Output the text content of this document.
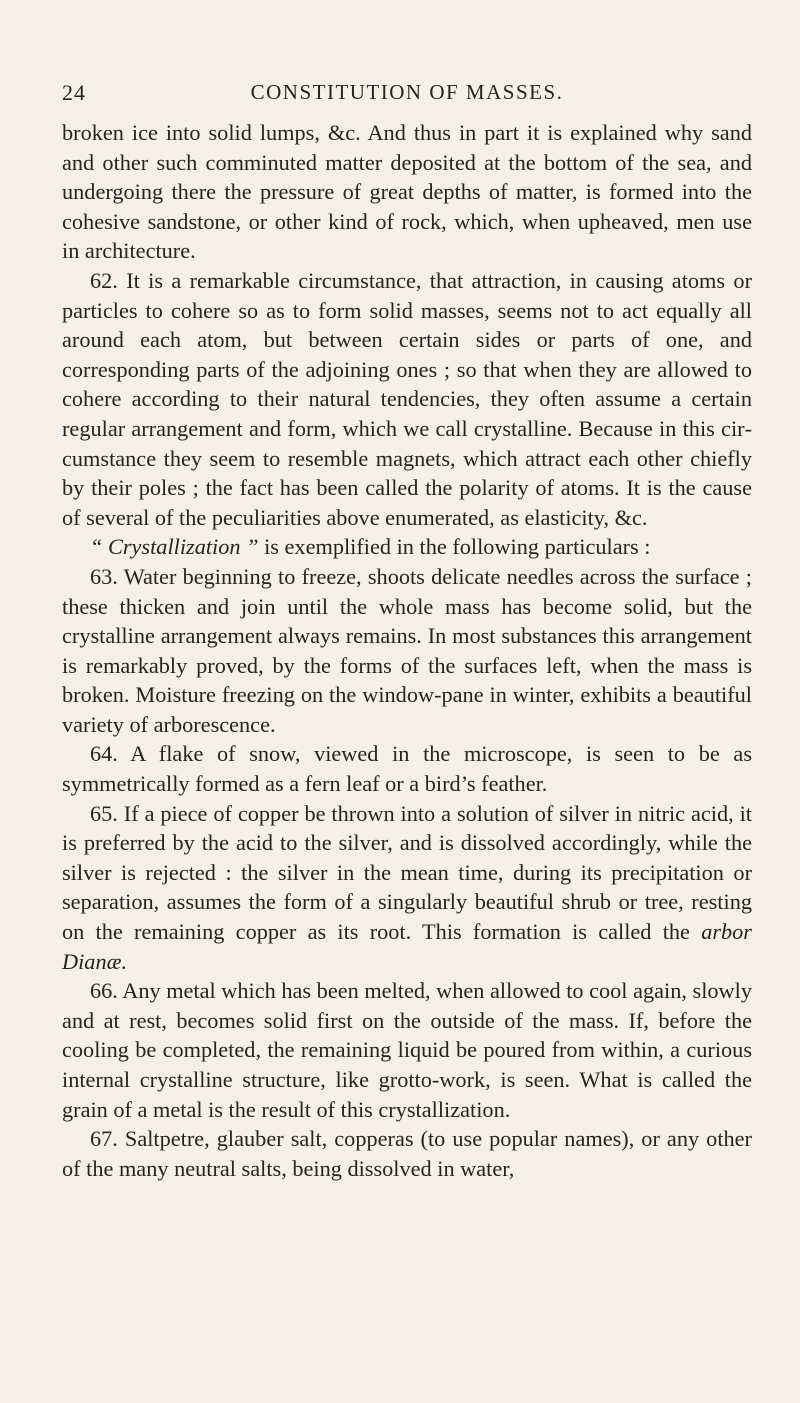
24	CONSTITUTION OF MASSES.

broken ice into solid lumps, &c. And thus in part it is explained why sand and other such comminuted matter deposited at the bottom of the sea, and undergoing there the pressure of great depths of matter, is formed into the cohesive sandstone, or other kind of rock, which, when upheaved, men use in architecture.

62. It is a remarkable circumstance, that attraction, in causing atoms or particles to cohere so as to form solid masses, seems not to act equally all around each atom, but between certain sides or parts of one, and corresponding parts of the adjoining ones ; so that when they are allowed to cohere according to their natural tendencies, they often assume a certain regular arrangement and form, which we call crystalline. Because in this circumstance they seem to resemble magnets, which attract each other chiefly by their poles ; the fact has been called the polarity of atoms. It is the cause of several of the peculiarities above enumerated, as elasticity, &c.

“ Crystallization ” is exemplified in the following particulars :

63. Water beginning to freeze, shoots delicate needles across the surface ; these thicken and join until the whole mass has become solid, but the crystalline arrangement always remains. In most substances this arrangement is remarkably proved, by the forms of the surfaces left, when the mass is broken. Moisture freezing on the window-pane in winter, exhibits a beautiful variety of arborescence.

64. A flake of snow, viewed in the microscope, is seen to be as symmetrically formed as a fern leaf or a bird’s feather.

65. If a piece of copper be thrown into a solution of silver in nitric acid, it is preferred by the acid to the silver, and is dissolved accordingly, while the silver is rejected : the silver in the mean time, during its precipitation or separation, assumes the form of a singularly beautiful shrub or tree, resting on the remaining copper as its root. This formation is called the arbor Dianæ.

66. Any metal which has been melted, when allowed to cool again, slowly and at rest, becomes solid first on the outside of the mass. If, before the cooling be completed, the remaining liquid be poured from within, a curious internal crystalline structure, like grotto-work, is seen. What is called the grain of a metal is the result of this crystallization.

67. Saltpetre, glauber salt, copperas (to use popular names), or any other of the many neutral salts, being dissolved in water,
